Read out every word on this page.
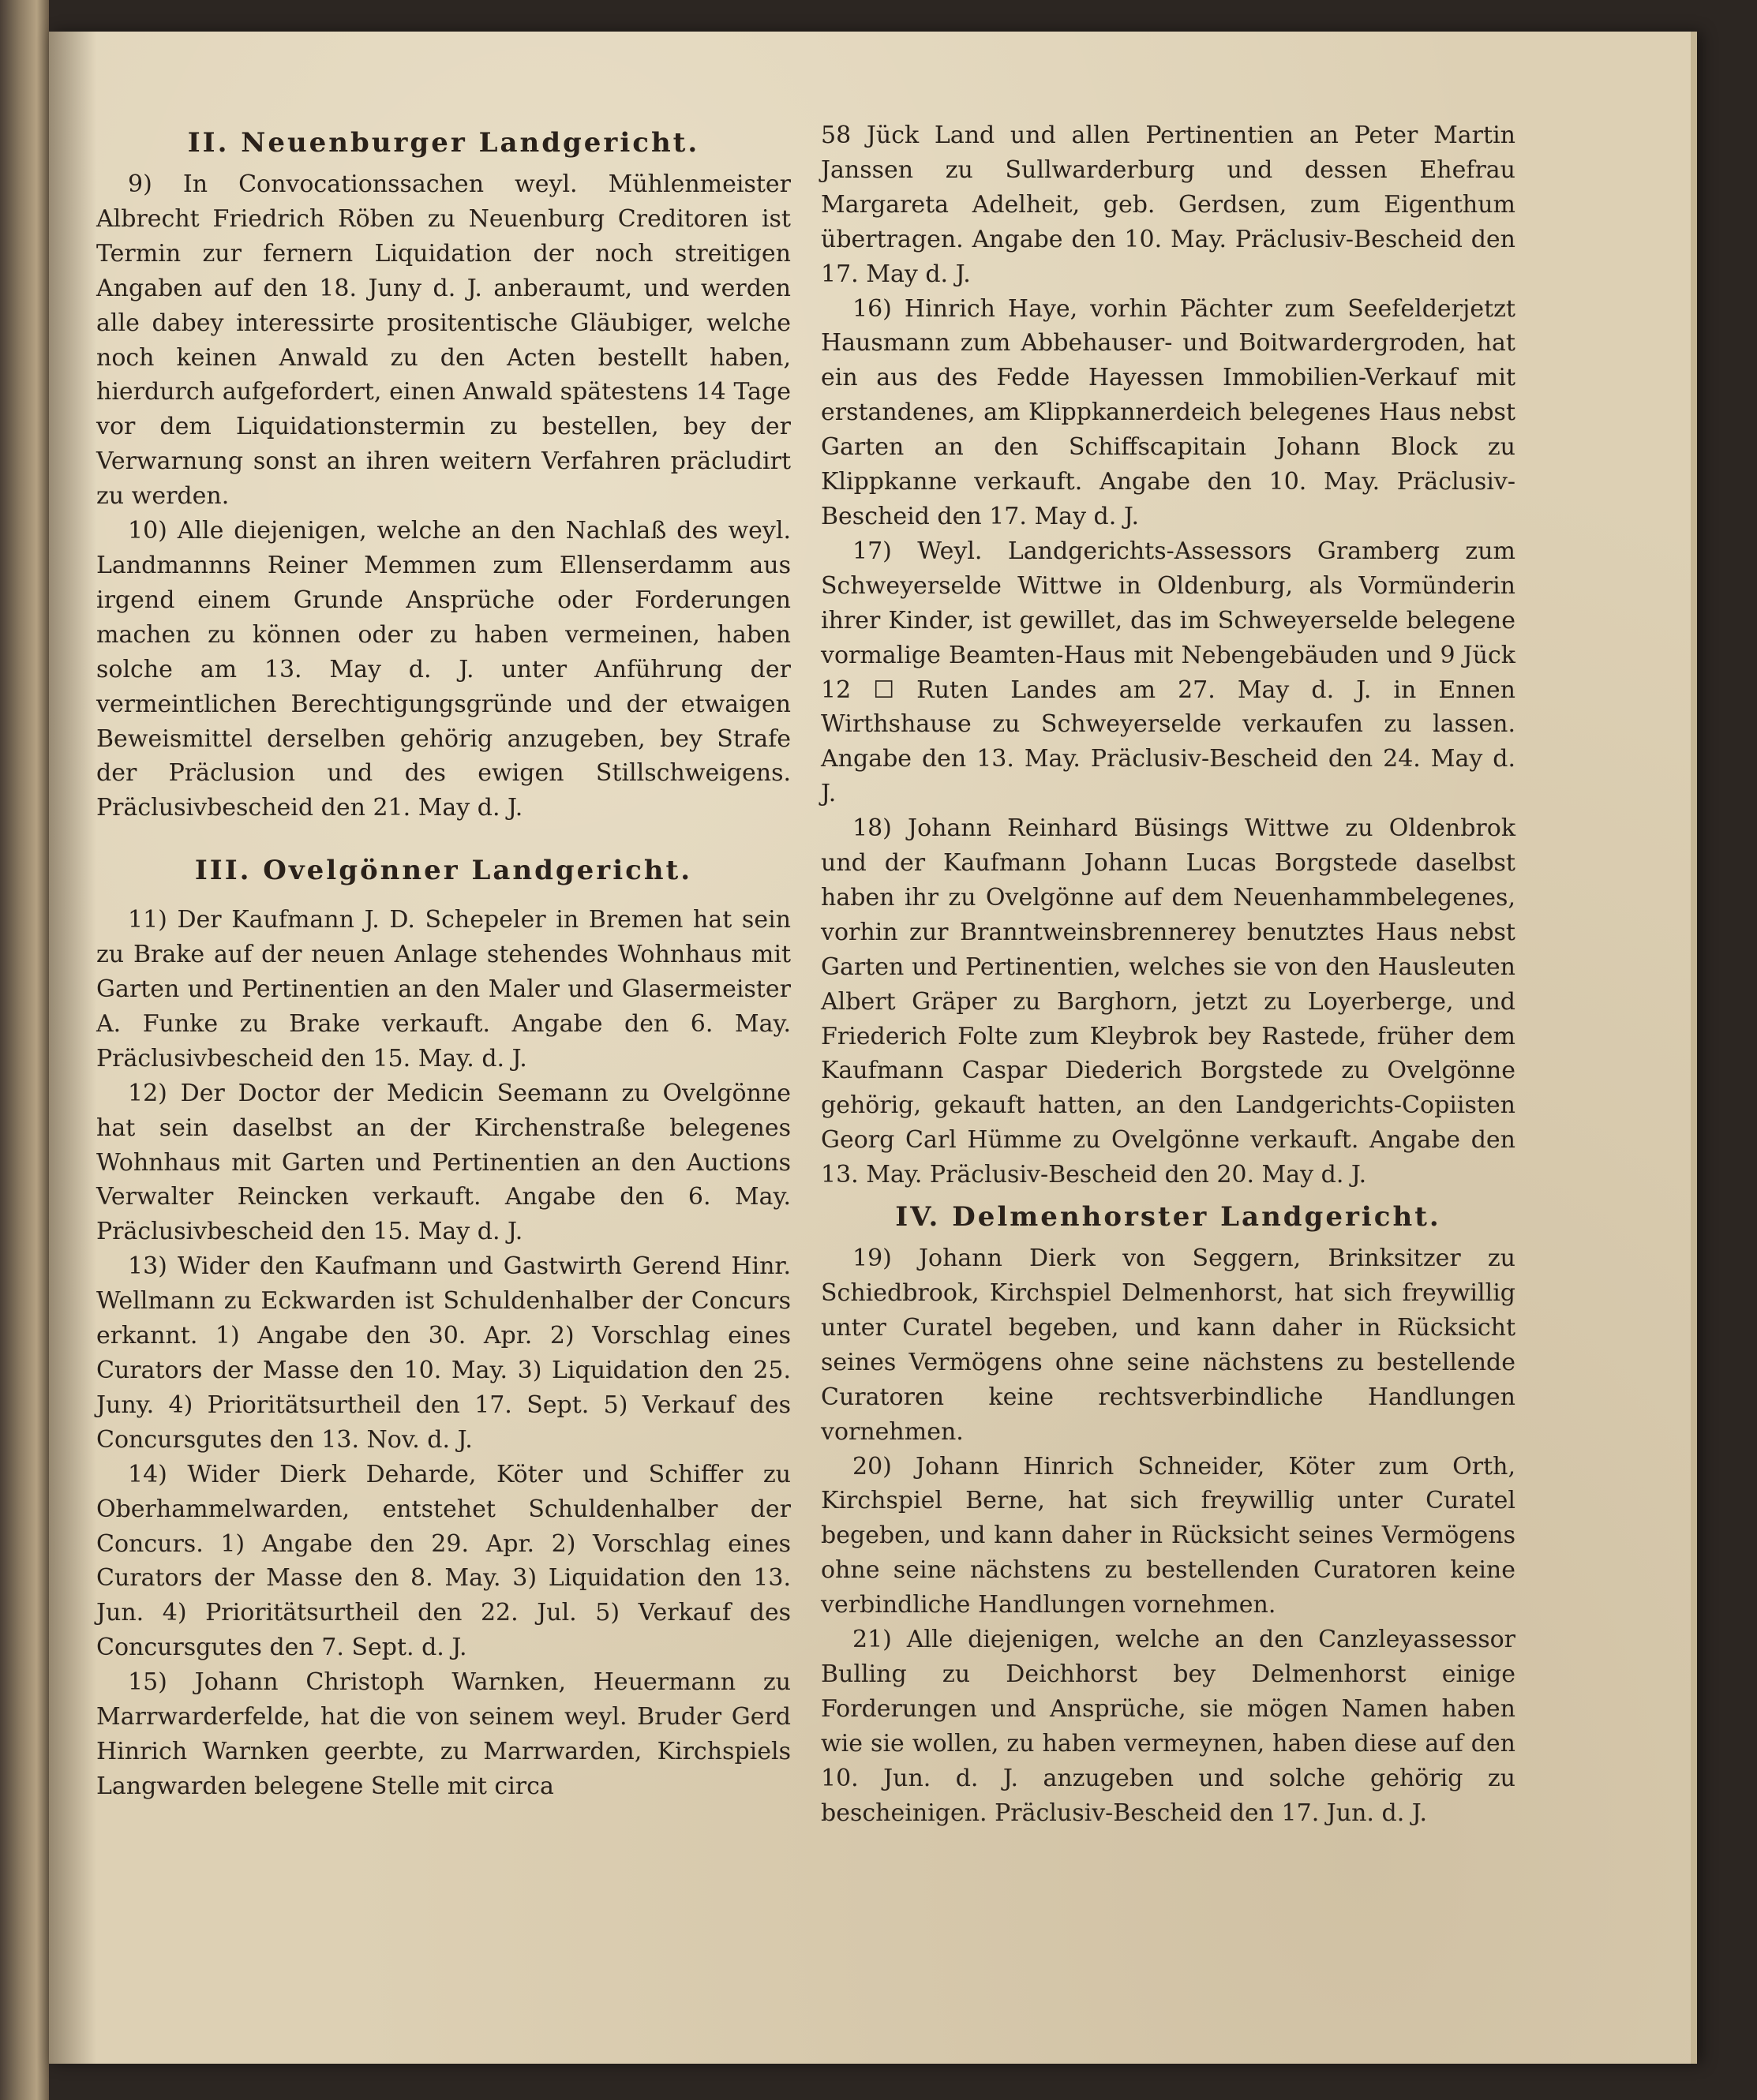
II. Neuenburger Landgericht.

9) In Convocationssachen weyl. Mühlenmeister Albrecht Friedrich Röben zu Neuenburg Creditoren ist Termin zur fernern Liquidation der noch streitigen Angaben auf den 18. Juny d. J. anberaumt, und werden alle dabey interessirte prositentische Gläubiger, welche noch keinen Anwald zu den Acten bestellt haben, hierdurch aufgefordert, einen Anwald spätestens 14 Tage vor dem Liquidationstermin zu bestellen, bey der Verwarnung sonst an ihren weitern Verfahren präcludirt zu werden.

10) Alle diejenigen, welche an den Nachlaß des weyl. Landmannns Reiner Memmen zum Ellenserdamm aus irgend einem Grunde Ansprüche oder Forderungen machen zu können oder zu haben vermeinen, haben solche am 13. May d. J. unter Anführung der vermeintlichen Berechtigungsgründe und der etwaigen Beweismittel derselben gehörig anzugeben, bey Strafe der Präclusion und des ewigen Stillschweigens. Präclusivbescheid den 21. May d. J.

III. Ovelgönner Landgericht.

11) Der Kaufmann J. D. Schepeler in Bremen hat sein zu Brake auf der neuen Anlage stehendes Wohnhaus mit Garten und Pertinentien an den Maler und Glasermeister A. Funke zu Brake verkauft. Angabe den 6. May. Präclusivbescheid den 15. May. d. J.

12) Der Doctor der Medicin Seemann zu Ovelgönne hat sein daselbst an der Kirchenstraße belegenes Wohnhaus mit Garten und Pertinentien an den Auctions Verwalter Reincken verkauft. Angabe den 6. May. Präclusivbescheid den 15. May d. J.

13) Wider den Kaufmann und Gastwirth Gerend Hinr. Wellmann zu Eckwarden ist Schuldenhalber der Concurs erkannt. 1) Angabe den 30. Apr. 2) Vorschlag eines Curators der Masse den 10. May. 3) Liquidation den 25. Juny. 4) Prioritätsurtheil den 17. Sept. 5) Verkauf des Concursgutes den 13. Nov. d. J.

14) Wider Dierk Deharde, Köter und Schiffer zu Oberhammelwarden, entstehet Schuldenhalber der Concurs. 1) Angabe den 29. Apr. 2) Vorschlag eines Curators der Masse den 8. May. 3) Liquidation den 13. Jun. 4) Prioritätsurtheil den 22. Jul. 5) Verkauf des Concursgutes den 7. Sept. d. J.

15) Johann Christoph Warnken, Heuermann zu Marrwarderfelde, hat die von seinem weyl. Bruder Gerd Hinrich Warnken geerbte, zu Marrwarden, Kirchspiels Langwarden belegene Stelle mit circa

58 Jück Land und allen Pertinentien an Peter Martin Janssen zu Sullwarderburg und dessen Ehefrau Margareta Adelheit, geb. Gerdsen, zum Eigenthum übertragen. Angabe den 10. May. Präclusiv-Bescheid den 17. May d. J.

16) Hinrich Haye, vorhin Pächter zum Seefelderjetzt Hausmann zum Abbehauser- und Boitwardergroden, hat ein aus des Fedde Hayessen Immobilien-Verkauf mit erstandenes, am Klippkannerdeich belegenes Haus nebst Garten an den Schiffscapitain Johann Block zu Klippkanne verkauft. Angabe den 10. May. Präclusiv-Bescheid den 17. May d. J.

17) Weyl. Landgerichts-Assessors Gramberg zum Schweyerselde Wittwe in Oldenburg, als Vormünderin ihrer Kinder, ist gewillet, das im Schweyerselde belegene vormalige Beamten-Haus mit Nebengebäuden und 9 Jück 12 ☐ Ruten Landes am 27. May d. J. in Ennen Wirthshause zu Schweyerselde verkaufen zu lassen. Angabe den 13. May. Präclusiv-Bescheid den 24. May d. J.

18) Johann Reinhard Büsings Wittwe zu Oldenbrok und der Kaufmann Johann Lucas Borgstede daselbst haben ihr zu Ovelgönne auf dem Neuenhammbelegenes, vorhin zur Branntweinsbrennerey benutztes Haus nebst Garten und Pertinentien, welches sie von den Hausleuten Albert Gräper zu Barghorn, jetzt zu Loyerberge, und Friederich Folte zum Kleybrok bey Rastede, früher dem Kaufmann Caspar Diederich Borgstede zu Ovelgönne gehörig, gekauft hatten, an den Landgerichts-Copiisten Georg Carl Hümme zu Ovelgönne verkauft. Angabe den 13. May. Präclusiv-Bescheid den 20. May d. J.

IV. Delmenhorster Landgericht.

19) Johann Dierk von Seggern, Brinksitzer zu Schiedbrook, Kirchspiel Delmenhorst, hat sich freywillig unter Curatel begeben, und kann daher in Rücksicht seines Vermögens ohne seine nächstens zu bestellende Curatoren keine rechtsverbindliche Handlungen vornehmen.

20) Johann Hinrich Schneider, Köter zum Orth, Kirchspiel Berne, hat sich freywillig unter Curatel begeben, und kann daher in Rücksicht seines Vermögens ohne seine nächstens zu bestellenden Curatoren keine verbindliche Handlungen vornehmen.

21) Alle diejenigen, welche an den Canzleyassessor Bulling zu Deichhorst bey Delmenhorst einige Forderungen und Ansprüche, sie mögen Namen haben wie sie wollen, zu haben vermeynen, haben diese auf den 10. Jun. d. J. anzugeben und solche gehörig zu bescheinigen. Präclusiv-Bescheid den 17. Jun. d. J.
